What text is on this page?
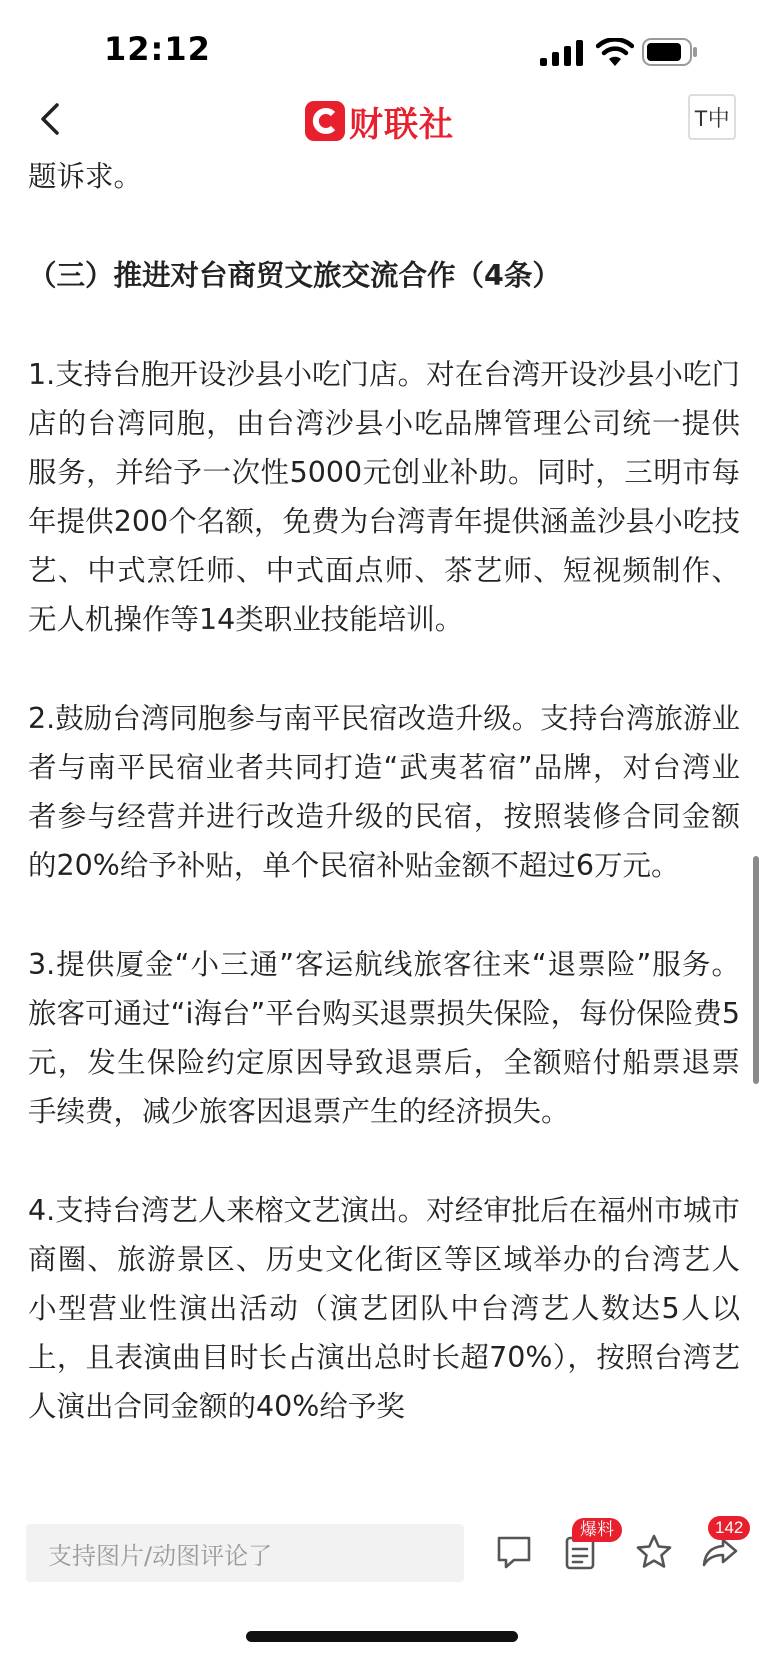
12:12
财联社	T中

题诉求。

（三）推进对台商贸文旅交流合作（4条）

1.支持台胞开设沙县小吃门店。对在台湾开设沙县小吃门店的台湾同胞，由台湾沙县小吃品牌管理公司统一提供服务，并给予一次性5000元创业补助。同时，三明市每年提供200个名额，免费为台湾青年提供涵盖沙县小吃技艺、中式烹饪师、中式面点师、茶艺师、短视频制作、无人机操作等14类职业技能培训。

2.鼓励台湾同胞参与南平民宿改造升级。支持台湾旅游业者与南平民宿业者共同打造“武夷茗宿”品牌，对台湾业者参与经营并进行改造升级的民宿，按照装修合同金额的20%给予补贴，单个民宿补贴金额不超过6万元。

3.提供厦金“小三通”客运航线旅客往来“退票险”服务。旅客可通过“i海台”平台购买退票损失保险，每份保险费5元，发生保险约定原因导致退票后，全额赔付船票退票手续费，减少旅客因退票产生的经济损失。

4.支持台湾艺人来榕文艺演出。对经审批后在福州市城市商圈、旅游景区、历史文化街区等区域举办的台湾艺人小型营业性演出活动（演艺团队中台湾艺人数达5人以上，且表演曲目时长占演出总时长超70%），按照台湾艺人演出合同金额的40%给予奖

支持图片/动图评论了
爆料	142
